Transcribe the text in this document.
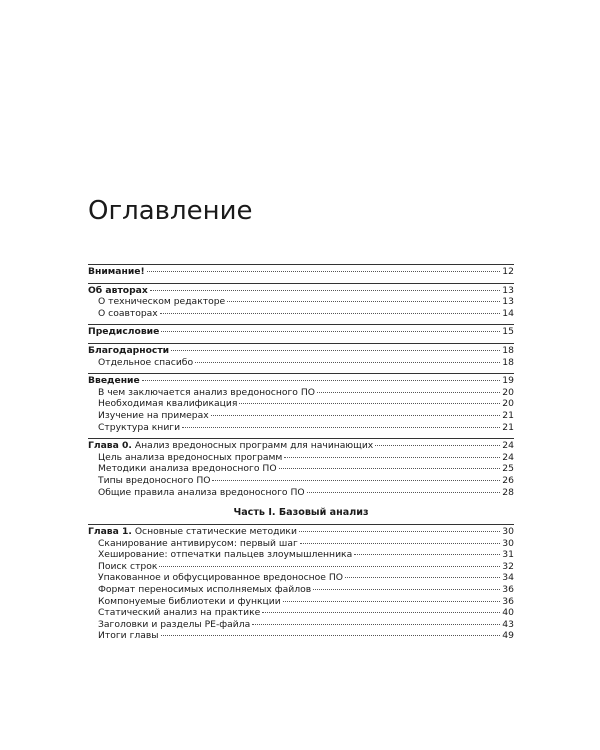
Оглавление
Внимание!	12
Об авторах	13
О техническом редакторе	13
О соавторах	14
Предисловие	15
Благодарности	18
Отдельное спасибо	18
Введение	19
В чем заключается анализ вредоносного ПО	20
Необходимая квалификация	20
Изучение на примерах	21
Структура книги	21
Глава 0. Анализ вредоносных программ для начинающих	24
Цель анализа вредоносных программ	24
Методики анализа вредоносного ПО	25
Типы вредоносного ПО	26
Общие правила анализа вредоносного ПО	28
Часть I. Базовый анализ
Глава 1. Основные статические методики	30
Сканирование антивирусом: первый шаг	30
Хеширование: отпечатки пальцев злоумышленника	31
Поиск строк	32
Упакованное и обфусцированное вредоносное ПО	34
Формат переносимых исполняемых файлов	36
Компонуемые библиотеки и функции	36
Статический анализ на практике	40
Заголовки и разделы PE-файла	43
Итоги главы	49
